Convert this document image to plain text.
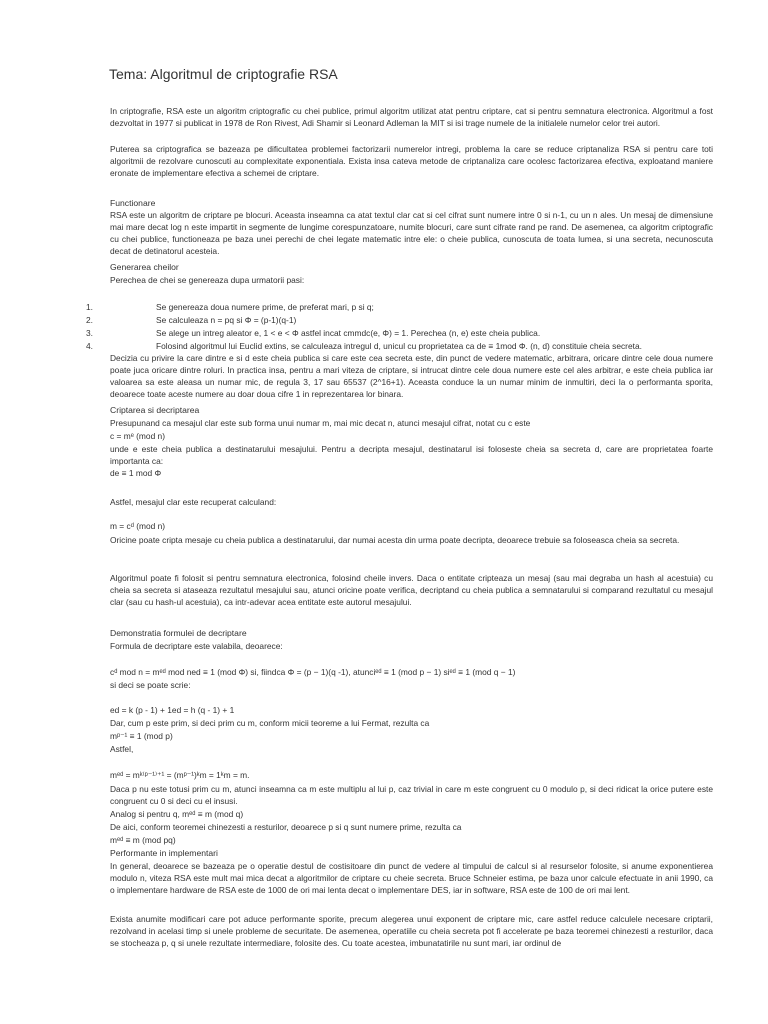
Tema: Algoritmul de criptografie RSA
In criptografie, RSA este un algoritm criptografic cu chei publice, primul algoritm utilizat atat pentru criptare, cat si pentru semnatura electronica. Algoritmul a fost dezvoltat in 1977 si publicat in 1978 de Ron Rivest, Adi Shamir si Leonard Adleman la MIT si isi trage numele de la initialele numelor celor trei autori.
Puterea sa criptografica se bazeaza pe dificultatea problemei factorizarii numerelor intregi, problema la care se reduce criptanaliza RSA si pentru care toti algoritmii de rezolvare cunoscuti au complexitate exponentiala. Exista insa cateva metode de criptanaliza care ocolesc factorizarea efectiva, exploatand maniere eronate de implementare efectiva a schemei de criptare.
Functionare
RSA este un algoritm de criptare pe blocuri. Aceasta inseamna ca atat textul clar cat si cel cifrat sunt numere intre 0 si n-1, cu un n ales. Un mesaj de dimensiune mai mare decat log n este impartit in segmente de lungime corespunzatoare, numite blocuri, care sunt cifrate rand pe rand. De asemenea, ca algoritm criptografic cu chei publice, functioneaza pe baza unei perechi de chei legate matematic intre ele: o cheie publica, cunoscuta de toata lumea, si una secreta, necunoscuta decat de detinatorul acesteia.
Generarea cheilor
Perechea de chei se genereaza dupa urmatorii pasi:
1.	Se genereaza doua numere prime, de preferat mari, p si q;
2.	Se calculeaza n = pq si Φ = (p-1)(q-1)
3.	Se alege un intreg aleator e, 1 < e < Φ astfel incat cmmdc(e, Φ) = 1. Perechea (n, e) este cheia publica.
4.	Folosind algoritmul lui Euclid extins, se calculeaza intregul d, unicul cu proprietatea ca de ≡ 1mod Φ. (n, d) constituie cheia secreta.
Decizia cu privire la care dintre e si d este cheia publica si care este cea secreta este, din punct de vedere matematic, arbitrara, oricare dintre cele doua numere poate juca oricare dintre roluri. In practica insa, pentru a mari viteza de criptare, si intrucat dintre cele doua numere este cel ales arbitrar, e este cheia publica iar valoarea sa este aleasa un numar mic, de regula 3, 17 sau 65537 (2^16+1). Aceasta conduce la un numar minim de inmultiri, deci la o performanta sporita, deoarece toate aceste numere au doar doua cifre 1 in reprezentarea lor binara.
Criptarea si decriptarea
Presupunand ca mesajul clar este sub forma unui numar m, mai mic decat n, atunci mesajul cifrat, notat cu c este
c = mᵉ (mod n)
unde e este cheia publica a destinatarului mesajului. Pentru a decripta mesajul, destinatarul isi foloseste cheia sa secreta d, care are proprietatea foarte importanta ca:
de ≡ 1 mod Φ
Astfel, mesajul clar este recuperat calculand:
m = cᵈ (mod n)
Oricine poate cripta mesaje cu cheia publica a destinatarului, dar numai acesta din urma poate decripta, deoarece trebuie sa foloseasca cheia sa secreta.
Algoritmul poate fi folosit si pentru semnatura electronica, folosind cheile invers. Daca o entitate cripteaza un mesaj (sau mai degraba un hash al acestuia) cu cheia sa secreta si ataseaza rezultatul mesajului sau, atunci oricine poate verifica, decriptand cu cheia publica a semnatarului si comparand rezultatul cu mesajul clar (sau cu hash-ul acestuia), ca intr-adevar acea entitate este autorul mesajului.
Demonstratia formulei de decriptare
Formula de decriptare este valabila, deoarece:
cᵈ mod n = mᵉᵈ mod ned ≡ 1 (mod Φ) si, fiindca Φ = (p − 1)(q -1), atunciᵉᵈ ≡ 1 (mod p − 1) siᵉᵈ ≡ 1 (mod q − 1)
si deci se poate scrie:
ed = k (p - 1) + 1ed = h (q - 1) + 1
Dar, cum p este prim, si deci prim cu m, conform micii teoreme a lui Fermat, rezulta ca
mᵖ⁻¹ ≡ 1 (mod p)
Astfel,
mᵉᵈ = mᵏ⁽ᵖ⁻¹⁾⁺¹ = (mᵖ⁻¹)ᵏm = 1ᵏm = m.
Daca p nu este totusi prim cu m, atunci inseamna ca m este multiplu al lui p, caz trivial in care m este congruent cu 0 modulo p, si deci ridicat la orice putere este congruent cu 0 si deci cu el insusi.
Analog si pentru q, mᵉᵈ ≡ m (mod q)
De aici, conform teoremei chinezesti a resturilor, deoarece p si q sunt numere prime, rezulta ca
mᵉᵈ ≡ m (mod pq)
Performante in implementari
In general, deoarece se bazeaza pe o operatie destul de costisitoare din punct de vedere al timpului de calcul si al resurselor folosite, si anume exponentierea modulo n, viteza RSA este mult mai mica decat a algoritmilor de criptare cu cheie secreta. Bruce Schneier estima, pe baza unor calcule efectuate in anii 1990, ca o implementare hardware de RSA este de 1000 de ori mai lenta decat o implementare DES, iar in software, RSA este de 100 de ori mai lent.
Exista anumite modificari care pot aduce performante sporite, precum alegerea unui exponent de criptare mic, care astfel reduce calculele necesare criptarii, rezolvand in acelasi timp si unele probleme de securitate. De asemenea, operatiile cu cheia secreta pot fi accelerate pe baza teoremei chinezesti a resturilor, daca se stocheaza p, q si unele rezultate intermediare, folosite des. Cu toate acestea, imbunatatirile nu sunt mari, iar ordinul de
